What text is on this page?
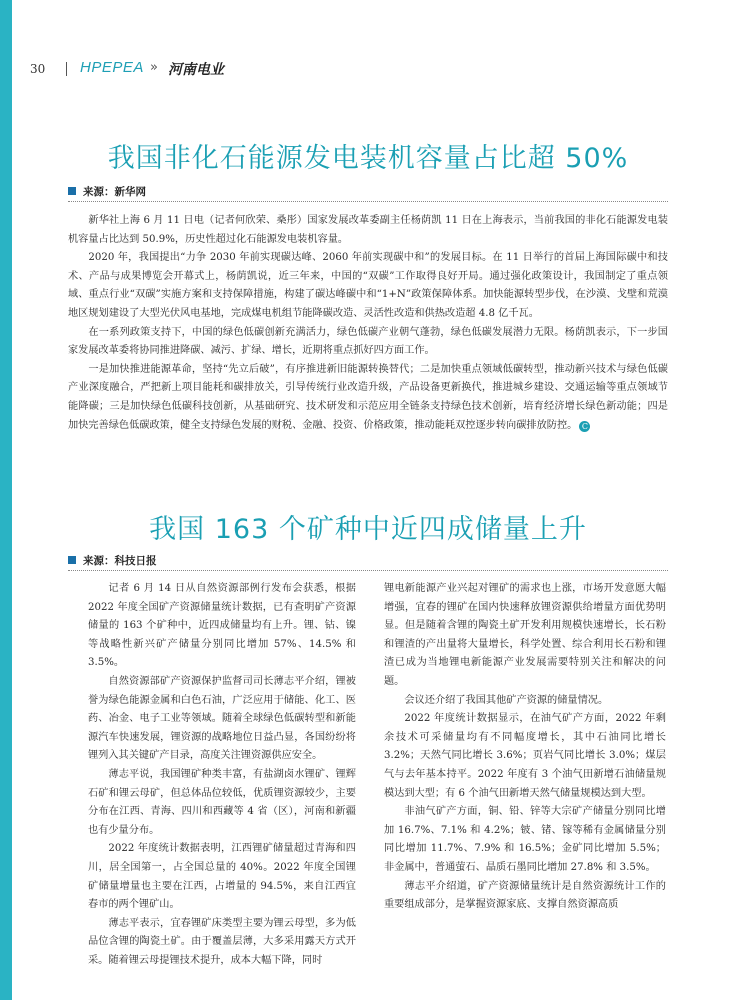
30 HPEPEA » 河南电业
我国非化石能源发电装机容量占比超 50%
来源：新华网

新华社上海 6 月 11 日电（记者何欣荣、桑彤）国家发展改革委副主任杨荫凯 11 日在上海表示，当前我国的非化石能源发电装机容量占比达到 50.9%，历史性超过化石能源发电装机容量。

2020 年，我国提出“力争 2030 年前实现碳达峰、2060 年前实现碳中和”的发展目标。在 11 日举行的首届上海国际碳中和技术、产品与成果博览会开幕式上，杨荫凯说，近三年来，中国的“双碳”工作取得良好开局。通过强化政策设计，我国制定了重点领域、重点行业“双碳”实施方案和支持保障措施，构建了碳达峰碳中和“1+N”政策保障体系。加快能源转型步伐，在沙漠、戈壁和荒漠地区规划建设了大型光伏风电基地，完成煤电机组节能降碳改造、灵活性改造和供热改造超 4.8 亿千瓦。

在一系列政策支持下，中国的绿色低碳创新充满活力，绿色低碳产业朝气蓬勃，绿色低碳发展潜力无限。杨荫凯表示，下一步国家发展改革委将协同推进降碳、减污、扩绿、增长，近期将重点抓好四方面工作。

一是加快推进能源革命，坚持“先立后破”，有序推进新旧能源转换替代；二是加快重点领域低碳转型，推动新兴技术与绿色低碳产业深度融合，严把新上项目能耗和碳排放关，引导传统行业改造升级，产品设备更新换代，推进城乡建设、交通运输等重点领域节能降碳；三是加快绿色低碳科技创新，从基础研究、技术研发和示范应用全链条支持绿色技术创新，培育经济增长绿色新动能；四是加快完善绿色低碳政策，健全支持绿色发展的财税、金融、投资、价格政策，推动能耗双控逐步转向碳排放防控。 C

我国 163 个矿种中近四成储量上升
来源：科技日报

记者 6 月 14 日从自然资源部例行发布会获悉，根据 2022 年度全国矿产资源储量统计数据，已有查明矿产资源储量的 163 个矿种中，近四成储量均有上升。锂、钴、镍等战略性新兴矿产储量分别同比增加 57%、14.5% 和 3.5%。

自然资源部矿产资源保护监督司司长薄志平介绍，锂被誉为绿色能源金属和白色石油，广泛应用于储能、化工、医药、冶金、电子工业等领域。随着全球绿色低碳转型和新能源汽车快速发展，锂资源的战略地位日益凸显，各国纷纷将锂列入其关键矿产目录，高度关注锂资源供应安全。

薄志平说，我国锂矿种类丰富，有盐湖卤水锂矿、锂辉石矿和锂云母矿，但总体品位较低，优质锂资源较少，主要分布在江西、青海、四川和西藏等 4 省（区），河南和新疆也有少量分布。

2022 年度统计数据表明，江西锂矿储量超过青海和四川，居全国第一，占全国总量的 40%。2022 年度全国锂矿储量增量也主要在江西，占增量的 94.5%，来自江西宜春市的两个锂矿山。

薄志平表示，宜春锂矿床类型主要为锂云母型，多为低品位含锂的陶瓷土矿。由于覆盖层薄，大多采用露天方式开采。随着锂云母提锂技术提升，成本大幅下降，同时

锂电新能源产业兴起对锂矿的需求也上涨，市场开发意愿大幅增强，宜春的锂矿在国内快速释放锂资源供给增量方面优势明显。但是随着含锂的陶瓷土矿开发利用规模快速增长，长石粉和锂渣的产出量将大量增长，科学处置、综合利用长石粉和锂渣已成为当地锂电新能源产业发展需要特别关注和解决的问题。

会议还介绍了我国其他矿产资源的储量情况。

2022 年度统计数据显示，在油气矿产方面，2022 年剩余技术可采储量均有不同幅度增长，其中石油同比增长 3.2%；天然气同比增长 3.6%；页岩气同比增长 3.0%；煤层气与去年基本持平。2022 年度有 3 个油气田新增石油储量规模达到大型；有 6 个油气田新增天然气储量规模达到大型。

非油气矿产方面，铜、铅、锌等大宗矿产储量分别同比增加 16.7%、7.1% 和 4.2%；铍、锗、镓等稀有金属储量分别同比增加 11.7%、7.9% 和 16.5%；金矿同比增加 5.5%；非金属中，普通萤石、晶质石墨同比增加 27.8% 和 3.5%。

薄志平介绍道，矿产资源储量统计是自然资源统计工作的重要组成部分，是掌握资源家底、支撑自然资源高质
